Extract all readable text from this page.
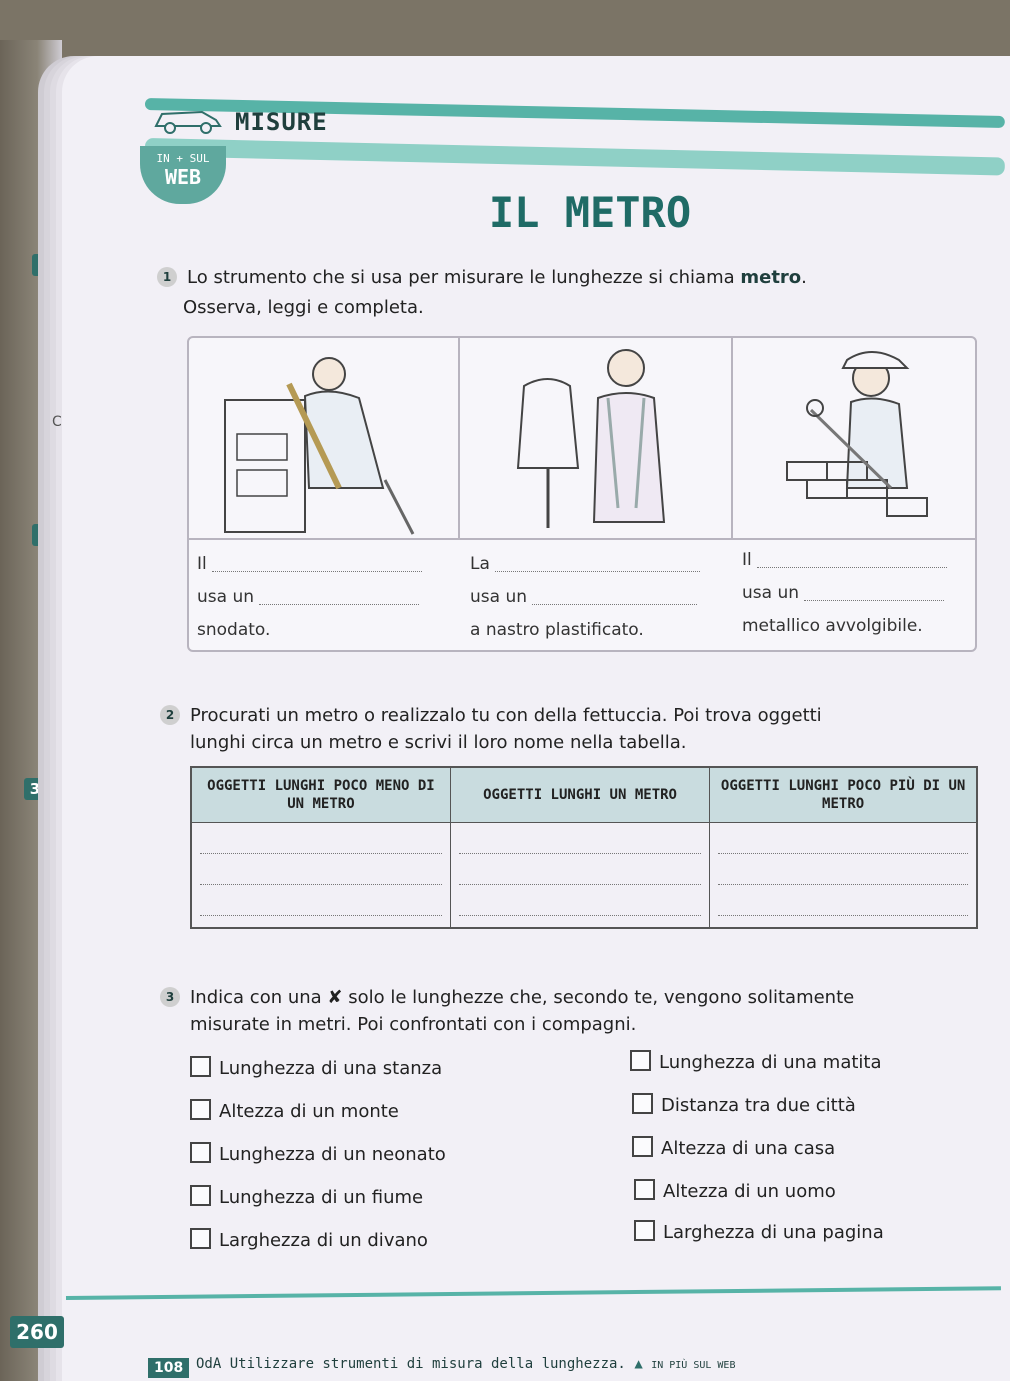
1
2
3
C
MISURE
IN + SUL
WEB
IL METRO
1 Lo strumento che si usa per misurare le lunghezze si chiama metro.
Osserva, leggi e completa.
Il
usa un
snodato.
La
usa un
a nastro plastificato.
Il
usa un
metallico avvolgibile.
2 Procurati un metro o realizzalo tu con della fettuccia. Poi trova oggetti
lunghi circa un metro e scrivi il loro nome nella tabella.
OGGETTI LUNGHI POCO MENO DI UN METRO	OGGETTI LUNGHI UN METRO	OGGETTI LUNGHI POCO PIÙ DI UN METRO

3 Indica con una ✘ solo le lunghezze che, secondo te, vengono solitamente
misurate in metri. Poi confrontati con i compagni.
Lunghezza di una stanza
Altezza di un monte
Lunghezza di un neonato
Lunghezza di un fiume
Larghezza di un divano
Lunghezza di una matita
Distanza tra due città
Altezza di una casa
Altezza di un uomo
Larghezza di una pagina
260
108 OdA Utilizzare strumenti di misura della lunghezza. ▲ IN PIÙ SUL WEB
